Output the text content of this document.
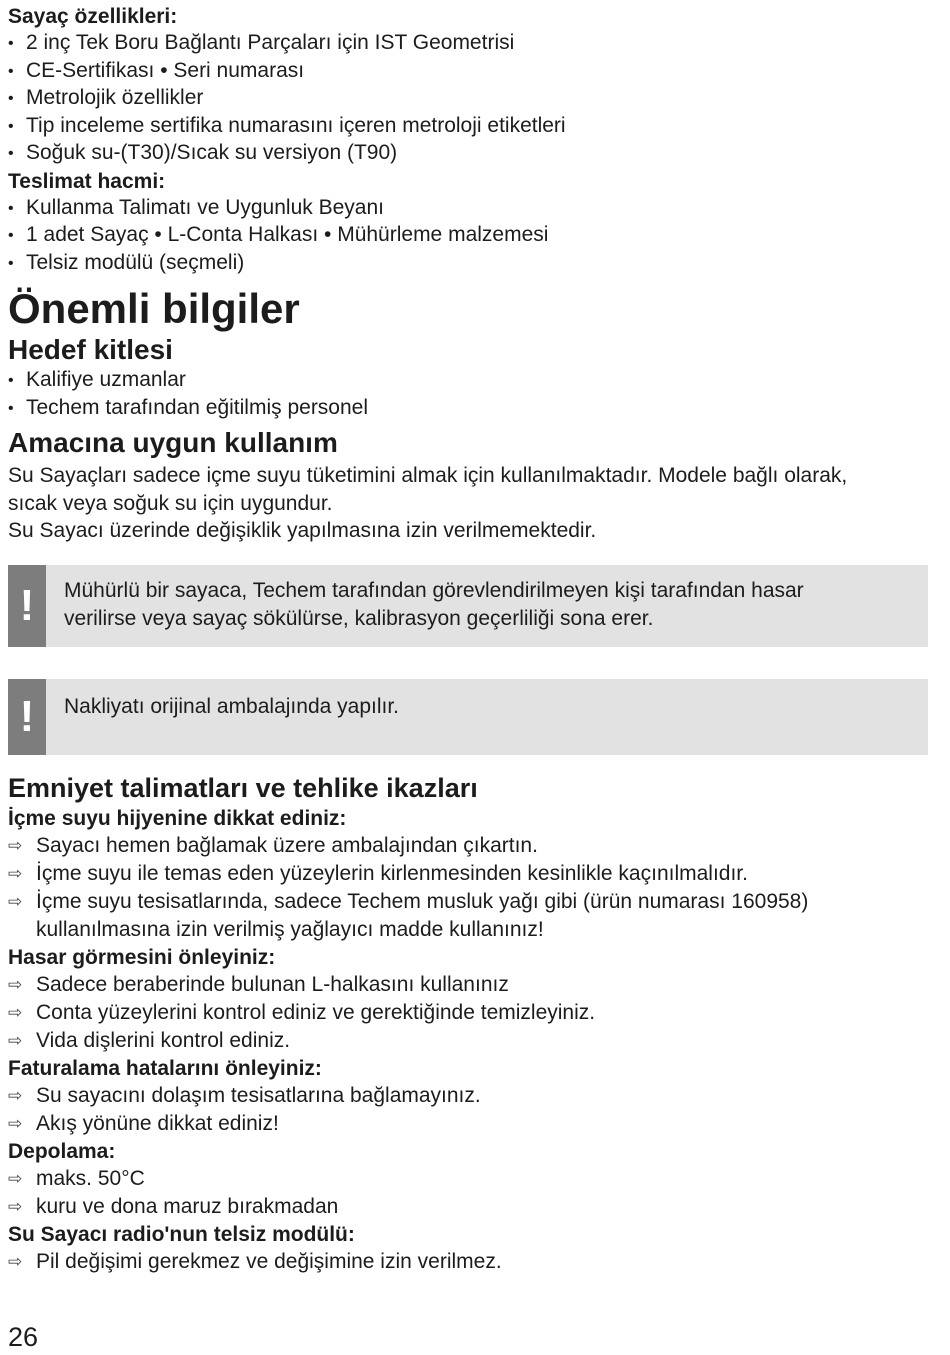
Sayaç özellikleri:

• 2 inç Tek Boru Bağlantı Parçaları için IST Geometrisi

• CE-Sertifikası • Seri numarası

• Metrolojik özellikler

• Tip inceleme sertifika numarasını içeren metroloji etiketleri

• Soğuk su-(T30)/Sıcak su versiyon (T90)

Teslimat hacmi:

• Kullanma Talimatı ve Uygunluk Beyanı

• 1 adet Sayaç • L-Conta Halkası • Mühürleme malzemesi

• Telsiz modülü (seçmeli)

Önemli bilgiler
Hedef kitlesi

• Kalifiye uzmanlar

• Techem tarafından eğitilmiş personel

Amacına uygun kullanım

Su Sayaçları sadece içme suyu tüketimini almak için kullanılmaktadır. Modele bağlı olarak,

sıcak veya soğuk su için uygundur.

Su Sayacı üzerinde değişiklik yapılmasına izin verilmemektedir.

!	Mühürlü bir sayaca, Techem tarafından görevlendirilmeyen kişi tarafından hasar
verilirse veya sayaç sökülürse, kalibrasyon geçerliliği sona erer.
!	Nakliyatı orijinal ambalajında yapılır.
Emniyet talimatları ve tehlike ikazları

İçme suyu hijyenine dikkat ediniz:

⇨ Sayacı hemen bağlamak üzere ambalajından çıkartın.
⇨ İçme suyu ile temas eden yüzeylerin kirlenmesinden kesinlikle kaçınılmalıdır.
⇨ İçme suyu tesisatlarında, sadece Techem musluk yağı gibi (ürün numarası 160958) kullanılmasına izin verilmiş yağlayıcı madde kullanınız!

Hasar görmesini önleyiniz:

⇨ Sadece beraberinde bulunan L-halkasını kullanınız
⇨ Conta yüzeylerini kontrol ediniz ve gerektiğinde temizleyiniz.
⇨ Vida dişlerini kontrol ediniz.

Faturalama hatalarını önleyiniz:

⇨ Su sayacını dolaşım tesisatlarına bağlamayınız.
⇨ Akış yönüne dikkat ediniz!

Depolama:

⇨ maks. 50°C
⇨ kuru ve dona maruz bırakmadan

Su Sayacı radio'nun telsiz modülü:

⇨ Pil değişimi gerekmez ve değişimine izin verilmez.
26
